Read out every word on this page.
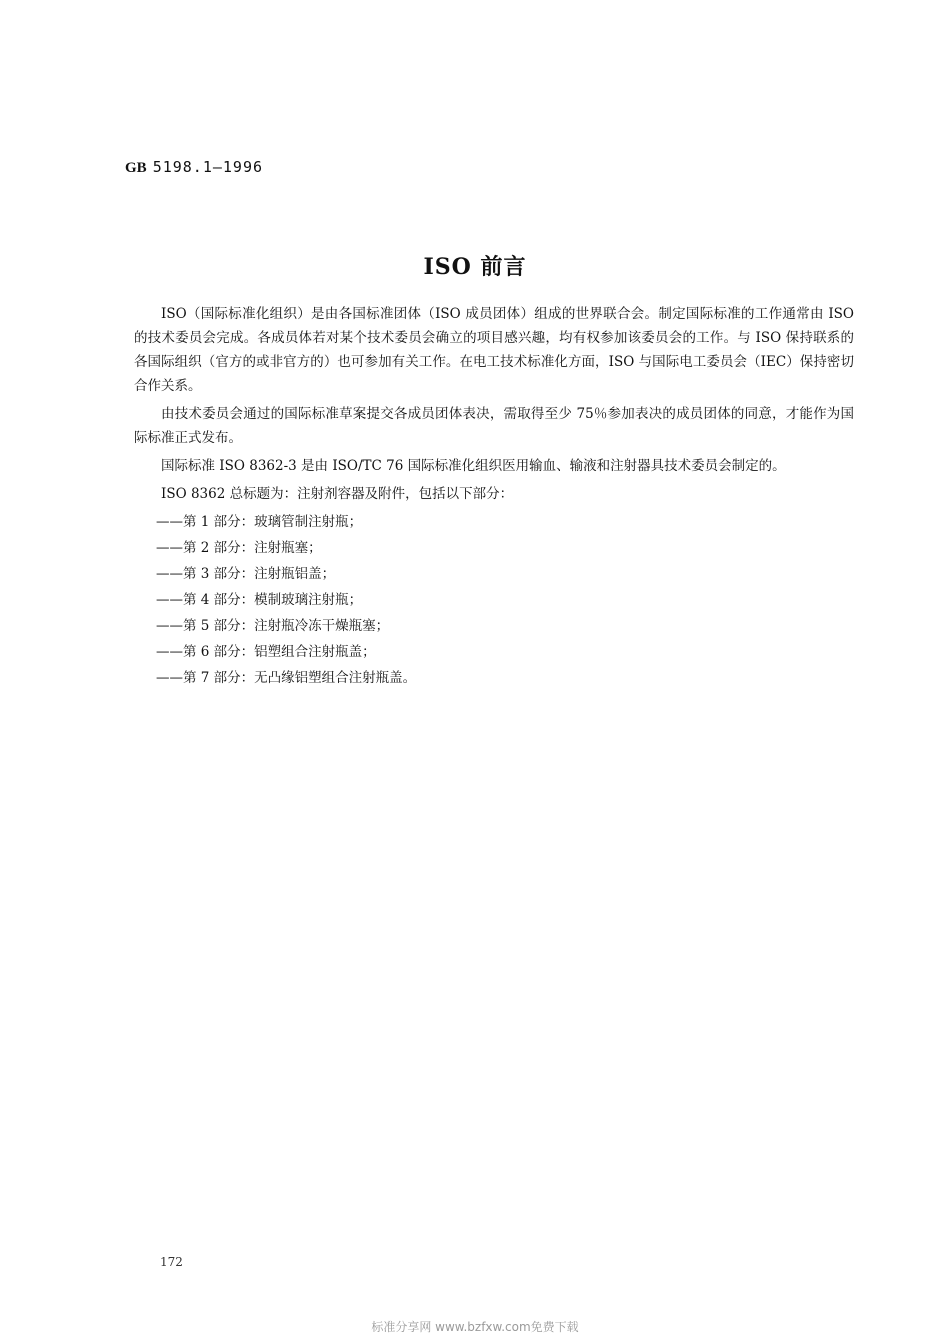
GB 5198.1—1996
ISO 前言

ISO（国际标准化组织）是由各国标准团体（ISO 成员团体）组成的世界联合会。制定国际标准的工作通常由 ISO 的技术委员会完成。各成员体若对某个技术委员会确立的项目感兴趣，均有权参加该委员会的工作。与 ISO 保持联系的各国际组织（官方的或非官方的）也可参加有关工作。在电工技术标准化方面，ISO 与国际电工委员会（IEC）保持密切合作关系。

由技术委员会通过的国际标准草案提交各成员团体表决，需取得至少 75％参加表决的成员团体的同意，才能作为国际标准正式发布。

国际标准 ISO 8362-3 是由 ISO/TC 76 国际标准化组织医用输血、输液和注射器具技术委员会制定的。

ISO 8362 总标题为：注射剂容器及附件，包括以下部分：

——第 1 部分：玻璃管制注射瓶；
——第 2 部分：注射瓶塞；
——第 3 部分：注射瓶铝盖；
——第 4 部分：模制玻璃注射瓶；
——第 5 部分：注射瓶冷冻干燥瓶塞；
——第 6 部分：铝塑组合注射瓶盖；
——第 7 部分：无凸缘铝塑组合注射瓶盖。
172
标准分享网 www.bzfxw.com免费下载
